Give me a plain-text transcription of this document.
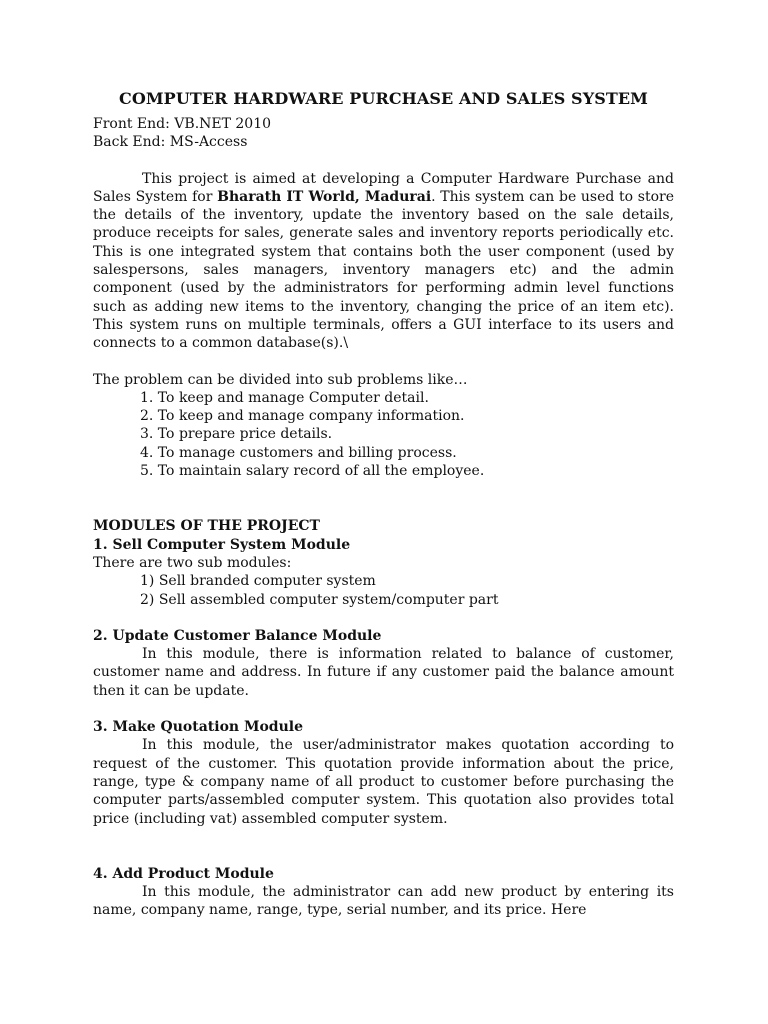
COMPUTER HARDWARE PURCHASE AND SALES SYSTEM

Front End: VB.NET 2010

Back End: MS-Access

This project is aimed at developing a Computer Hardware Purchase and Sales System for Bharath IT World, Madurai. This system can be used to store the details of the inventory, update the inventory based on the sale details, produce receipts for sales, generate sales and inventory reports periodically etc. This is one integrated system that contains both the user component (used by salespersons, sales managers, inventory managers etc) and the admin component (used by the administrators for performing admin level functions such as adding new items to the inventory, changing the price of an item etc). This system runs on multiple terminals, offers a GUI interface to its users and connects to a common database(s).\

The problem can be divided into sub problems like…

1. To keep and manage Computer detail.

2. To keep and manage company information.

3. To prepare price details.

4. To manage customers and billing process.

5. To maintain salary record of all the employee.

MODULES OF THE PROJECT

1. Sell Computer System Module

There are two sub modules:

1) Sell branded computer system

2) Sell assembled computer system/computer part

2. Update Customer Balance Module

In this module, there is information related to balance of customer, customer name and address. In future if any customer paid the balance amount then it can be update.

3. Make Quotation Module

In this module, the user/administrator makes quotation according to request of the customer. This quotation provide information about the price, range, type & company name of all product to customer before purchasing the computer parts/assembled computer system. This quotation also provides total price (including vat) assembled computer system.

4. Add Product Module

In this module, the administrator can add new product by entering its name, company name, range, type, serial number, and its price. Here
